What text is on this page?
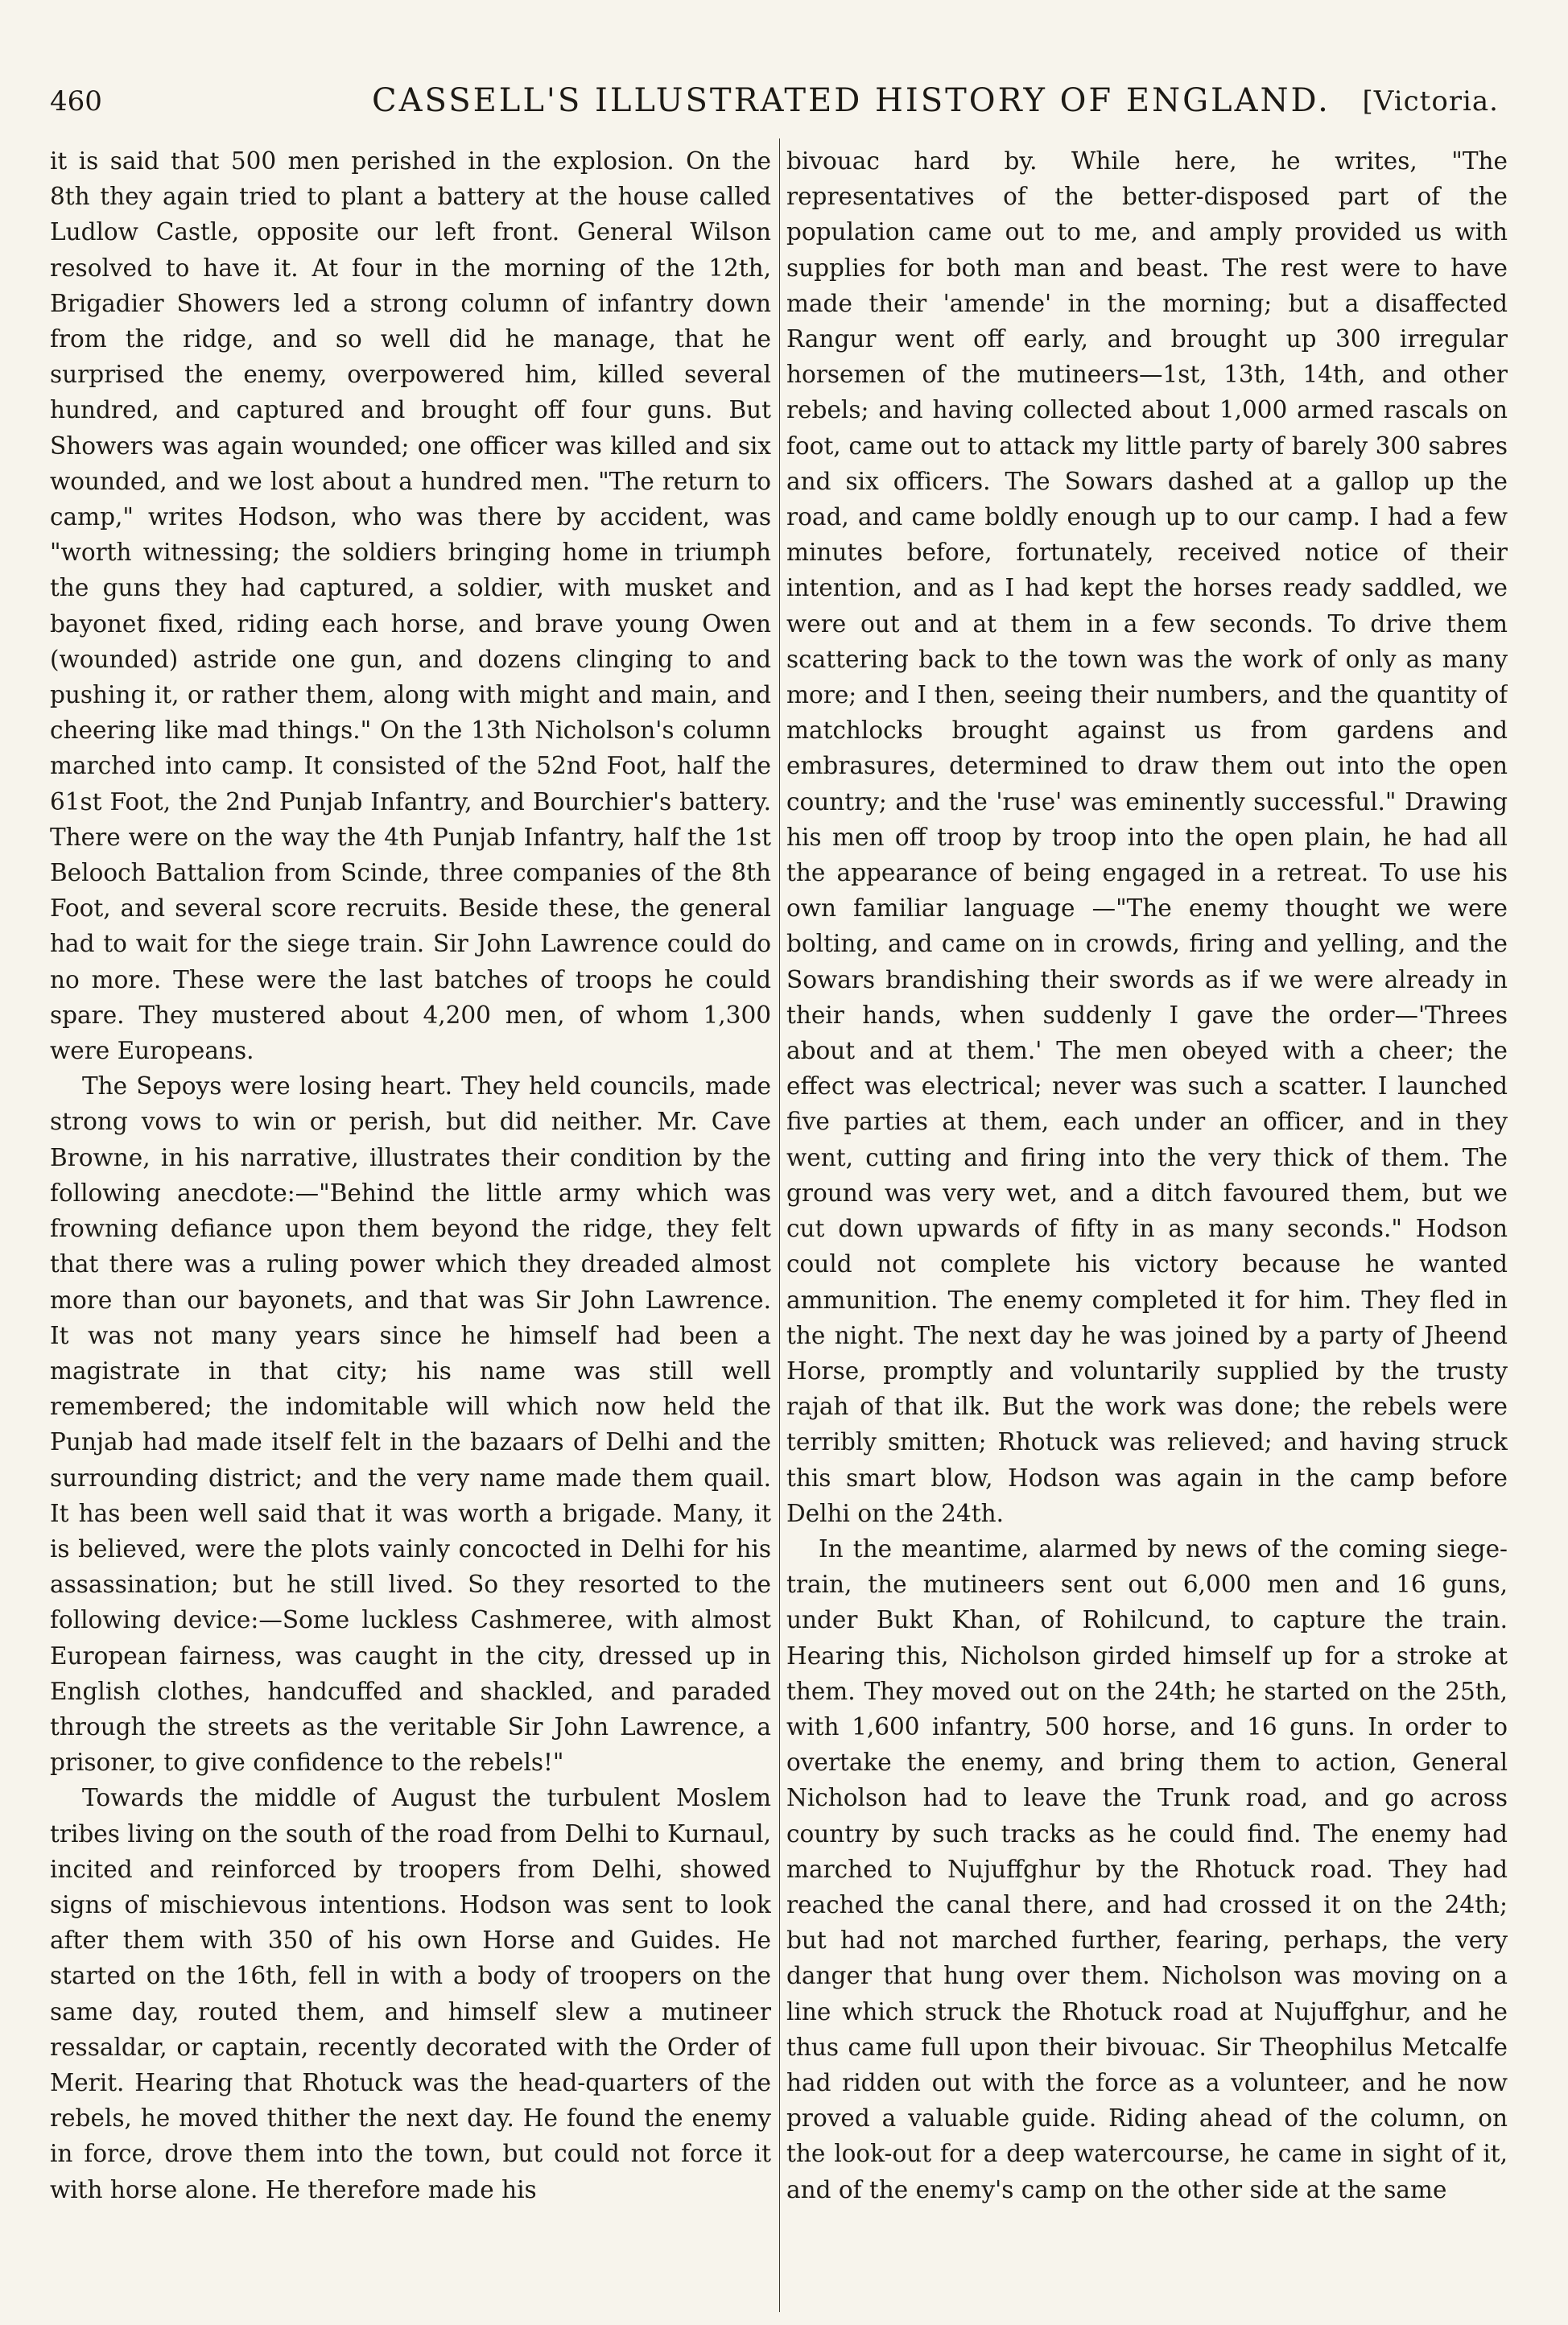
460	CASSELL'S ILLUSTRATED HISTORY OF ENGLAND. [Victoria.

it is said that 500 men perished in the explosion. On the 8th they again tried to plant a battery at the house called Ludlow Castle, opposite our left front. General Wilson resolved to have it. At four in the morning of the 12th, Brigadier Showers led a strong column of infantry down from the ridge, and so well did he manage, that he surprised the enemy, overpowered him, killed several hundred, and captured and brought off four guns. But Showers was again wounded; one officer was killed and six wounded, and we lost about a hundred men. "The return to camp," writes Hodson, who was there by accident, was "worth witnessing; the soldiers bringing home in triumph the guns they had captured, a soldier, with musket and bayonet fixed, riding each horse, and brave young Owen (wounded) astride one gun, and dozens clinging to and pushing it, or rather them, along with might and main, and cheering like mad things." On the 13th Nicholson's column marched into camp. It consisted of the 52nd Foot, half the 61st Foot, the 2nd Punjab Infantry, and Bourchier's battery. There were on the way the 4th Punjab Infantry, half the 1st Belooch Battalion from Scinde, three companies of the 8th Foot, and several score recruits. Beside these, the general had to wait for the siege train. Sir John Lawrence could do no more. These were the last batches of troops he could spare. They mustered about 4,200 men, of whom 1,300 were Europeans.

The Sepoys were losing heart. They held councils, made strong vows to win or perish, but did neither. Mr. Cave Browne, in his narrative, illustrates their condition by the following anecdote:—"Behind the little army which was frowning defiance upon them beyond the ridge, they felt that there was a ruling power which they dreaded almost more than our bayonets, and that was Sir John Lawrence. It was not many years since he himself had been a magistrate in that city; his name was still well remembered; the indomitable will which now held the Punjab had made itself felt in the bazaars of Delhi and the surrounding district; and the very name made them quail. It has been well said that it was worth a brigade. Many, it is believed, were the plots vainly concocted in Delhi for his assassination; but he still lived. So they resorted to the following device:—Some luckless Cashmeree, with almost European fairness, was caught in the city, dressed up in English clothes, handcuffed and shackled, and paraded through the streets as the veritable Sir John Lawrence, a prisoner, to give confidence to the rebels!"

Towards the middle of August the turbulent Moslem tribes living on the south of the road from Delhi to Kurnaul, incited and reinforced by troopers from Delhi, showed signs of mischievous intentions. Hodson was sent to look after them with 350 of his own Horse and Guides. He started on the 16th, fell in with a body of troopers on the same day, routed them, and himself slew a mutineer ressaldar, or captain, recently decorated with the Order of Merit. Hearing that Rhotuck was the head-quarters of the rebels, he moved thither the next day. He found the enemy in force, drove them into the town, but could not force it with horse alone. He therefore made his

bivouac hard by. While here, he writes, "The representatives of the better-disposed part of the population came out to me, and amply provided us with supplies for both man and beast. The rest were to have made their 'amende' in the morning; but a disaffected Rangur went off early, and brought up 300 irregular horsemen of the mutineers—1st, 13th, 14th, and other rebels; and having collected about 1,000 armed rascals on foot, came out to attack my little party of barely 300 sabres and six officers. The Sowars dashed at a gallop up the road, and came boldly enough up to our camp. I had a few minutes before, fortunately, received notice of their intention, and as I had kept the horses ready saddled, we were out and at them in a few seconds. To drive them scattering back to the town was the work of only as many more; and I then, seeing their numbers, and the quantity of matchlocks brought against us from gardens and embrasures, determined to draw them out into the open country; and the 'ruse' was eminently successful." Drawing his men off troop by troop into the open plain, he had all the appearance of being engaged in a retreat. To use his own familiar language —"The enemy thought we were bolting, and came on in crowds, firing and yelling, and the Sowars brandishing their swords as if we were already in their hands, when suddenly I gave the order—'Threes about and at them.' The men obeyed with a cheer; the effect was electrical; never was such a scatter. I launched five parties at them, each under an officer, and in they went, cutting and firing into the very thick of them. The ground was very wet, and a ditch favoured them, but we cut down upwards of fifty in as many seconds." Hodson could not complete his victory because he wanted ammunition. The enemy completed it for him. They fled in the night. The next day he was joined by a party of Jheend Horse, promptly and voluntarily supplied by the trusty rajah of that ilk. But the work was done; the rebels were terribly smitten; Rhotuck was relieved; and having struck this smart blow, Hodson was again in the camp before Delhi on the 24th.

In the meantime, alarmed by news of the coming siege-train, the mutineers sent out 6,000 men and 16 guns, under Bukt Khan, of Rohilcund, to capture the train. Hearing this, Nicholson girded himself up for a stroke at them. They moved out on the 24th; he started on the 25th, with 1,600 infantry, 500 horse, and 16 guns. In order to overtake the enemy, and bring them to action, General Nicholson had to leave the Trunk road, and go across country by such tracks as he could find. The enemy had marched to Nujuffghur by the Rhotuck road. They had reached the canal there, and had crossed it on the 24th; but had not marched further, fearing, perhaps, the very danger that hung over them. Nicholson was moving on a line which struck the Rhotuck road at Nujuffghur, and he thus came full upon their bivouac. Sir Theophilus Metcalfe had ridden out with the force as a volunteer, and he now proved a valuable guide. Riding ahead of the column, on the look-out for a deep watercourse, he came in sight of it, and of the enemy's camp on the other side at the same
